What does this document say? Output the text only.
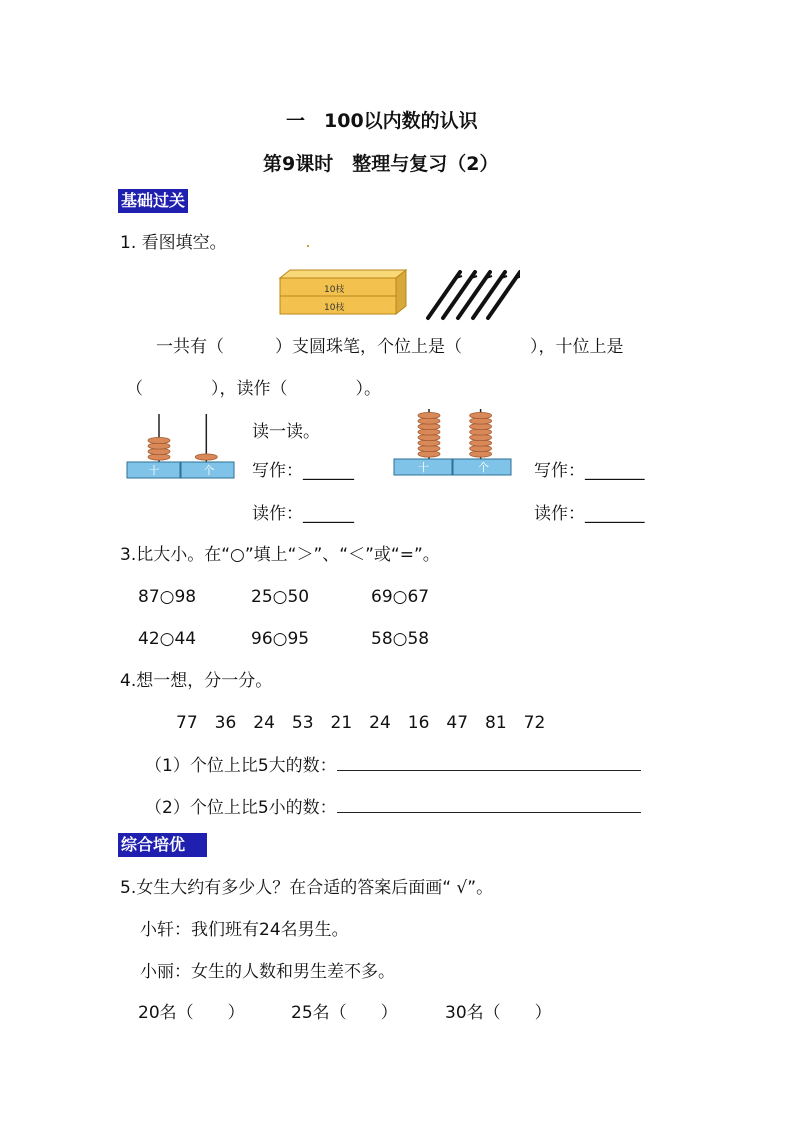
一　100以内数的认识
第9课时　整理与复习（2）
基础过关
1. 看图填空。
10枝
10枝
一共有（　　　）支圆珠笔，个位上是（　　　　），十位上是
（　　　　），读作（　　　　）。
十	个
读一读。
写作：______
读作：______
十	个	写作：_______
读作：_______
3.比大小。在“○”填上“＞”、“＜”或“=”。
87○98	25○50	69○67
42○44	96○95	58○58
4.想一想，分一分。
77　36　24　53　21　24　16　47　81　72
（1）个位上比5大的数：
（2）个位上比5小的数：
综合培优
5.女生大约有多少人？在合适的答案后面画“ √”。
小轩：我们班有24名男生。
小丽：女生的人数和男生差不多。
20名（　　）	25名（　　）	30名（　　）
